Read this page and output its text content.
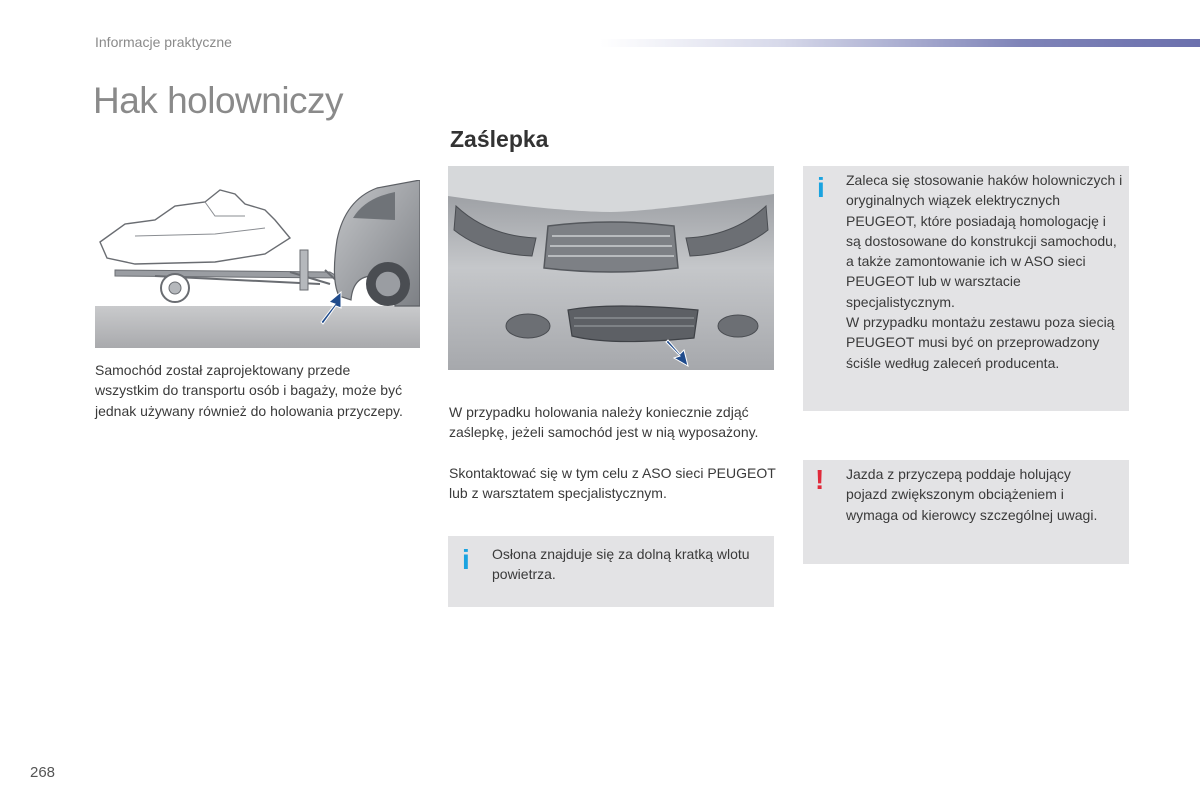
Informacje praktyczne
Hak holowniczy
Zaślepka

Samochód został zaprojektowany przede wszystkim do transportu osób i bagaży, może być jednak używany również do holowania przyczepy.	W przypadku holowania należy koniecznie zdjąć zaślepkę, jeżeli samochód jest w nią wyposażony.

Skontaktować się w tym celu z ASO sieci PEUGEOT lub z warsztatem specjalistycznym.

i Osłona znajduje się za dolną kratką wlotu powietrza.

i Zaleca się stosowanie haków holowniczych i oryginalnych wiązek elektrycznych PEUGEOT, które posiadają homologację i są dostosowane do konstrukcji samochodu, a także zamontowanie ich w ASO sieci PEUGEOT lub w warsztacie specjalistycznym.

W przypadku montażu zestawu poza siecią PEUGEOT musi być on przeprowadzony ściśle według zaleceń producenta.

! Jazda z przyczepą poddaje holujący pojazd zwiększonym obciążeniem i wymaga od kierowcy szczególnej uwagi.

268
